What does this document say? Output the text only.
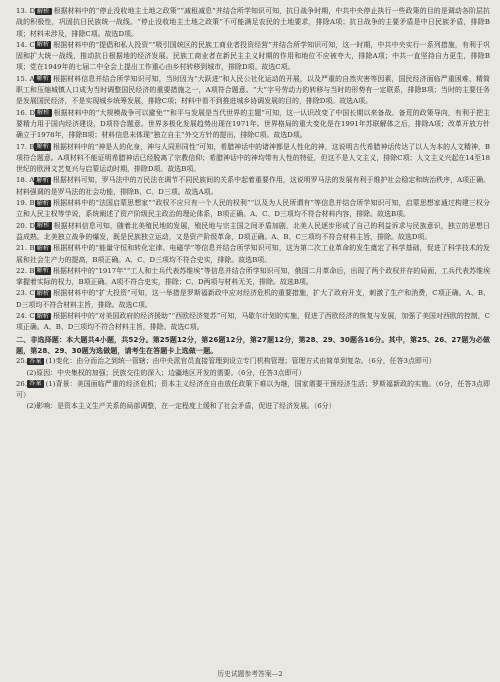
13. D 解析 根据材料中的“停止没收地主土地之政策”“减租减息”并结合所学知识可知，抗日战争时期，中共中央停止执行一些政策的目的是调动各阶层抗战的积极性，巩固抗日民族统一战线。“停止没收地主土地之政策”不可能满足农民的土地要求，排除A项；抗日战争的主要矛盾是中日民族矛盾，排除B项；材料未涉及，排除C项。故选D项。

14. C 解析 根据材料中的“提倡和私人投资”“吸引国统区的民族工商业者投资经营”并结合所学知识可知，这一时期，中共中央实行一系列措施，有利于巩固和扩大统一战线，推动抗日根据地的经济发展。民族工商业者在新民主主义时期的作用和地位不应被夸大，排除A项；中共一直坚持自力更生，排除B项；党在1949年的七届二中全会上提出工作重心由乡村转移到城市，排除D项。故选C项。

15. A 解析 根据材料信息并结合所学知识可知，当时因为“大跃进”和人民公社化运动的开展，以及严重的自然灾害等因素，国民经济面临严重困难，精简职工和压缩城镇人口成为当时调整国民经济的重要措施之一，A项符合题意。“大”字号劳动力的转移与当时的形势有一定联系，排除B项；当时的主要任务是发展国民经济，不是实现城乡统筹发展，排除C项；材料中看不到推进城乡协调发展的目的，排除D项。故选A项。

16. D 解析 根据材料中的“大规模战争可以避免”“和平与发展是当代世界的主题”可知，这一认识改变了中国长期以来备战、备荒的政策导向，有利于把主要精力用于国内经济建设，D项符合题意。世界多极化发展趋势出现在1971年。世界格局的重大变化是在1991年苏联解体之后，排除A项；改革开放方针确立于1978年，排除B项；材料信息未体现“独立自主”外交方针的提出，排除C项。故选D项。

17. B 解析 根据材料中的“神是人的化身，神与人同形同性”可知，希腊神话中的诸神都是人性化的神，这说明古代希腊神话传达了以人为本的人文精神，B项符合题意。A项材料不能证明希腊神话已经脱离了宗教信仰；希腊神话中的神均带有人性的特征，但这不是人文主义，排除C项；人文主义兴起在14至18世纪的欧洲文艺复兴与启蒙运动时期，排除D项。故选B项。

18. A 解析 根据材料可知，罗马法中的万民法在调节不同民族间的关系中起着重要作用，这说明罗马法的发展有利于维护社会稳定和统治秩序，A项正确。材料强调的是罗马法的社会功能，排除B、C、D三项。故选A项。

19. B 解析 根据材料中的“法国启蒙思想家”“政权不应只有一个人民的权利”“以及为人民所谓有”等信息并结合所学知识可知，启蒙思想家通过构建三权分立和人民主权等学说，系统阐述了资产阶级民主政治的理论体系，B项正确。A、C、D三项均不符合材料内容，排除。故选B项。

20. D 解析 根据材料信息可知，随着北美殖民地的发展，殖民地与宗主国之间矛盾加剧，北美人民逐步形成了自己的利益诉求与民族意识，独立的思想日益成熟。北美独立战争的爆发，既是民族独立运动，又是资产阶级革命，D项正确。A、B、C三项均不符合材料主旨，排除。故选D项。

21. B 解析 根据材料中的“能量守恒和转化定律、电磁学”等信息并结合所学知识可知，这为第二次工业革命的发生奠定了科学基础，促进了科学技术的发展和社会生产力的提高，B项正确。A、C、D三项均不符合史实，排除。故选B项。

22. B 解析 根据材料中的“1917年”“工人和士兵代表苏维埃”等信息并结合所学知识可知，俄国二月革命后，出现了两个政权并存的局面，工兵代表苏维埃掌握着实际的权力，B项正确。A项不符合史实，排除；C、D两项与材料无关，排除。故选B项。

23. C 解析 根据材料中的“扩大投资”可知，这一举措是罗斯福新政中应对经济危机的重要措施，扩大了政府开支，刺激了生产和消费，C项正确。A、B、D三项均不符合材料主旨，排除。故选C项。

24. C 解析 根据材料中的“对美国政府的经济援助”“西欧经济复苏”可知，马歇尔计划的实施，促进了西欧经济的恢复与发展，加强了美国对西欧的控制，C项正确。A、B、D三项均不符合材料主旨，排除。故选C项。

二、非选择题：本大题共4小题，共52分。第25题12分，第26题12分，第27题12分，第28、29、30题各16分。其中，第25、26、27题为必做题，第28、29、30题为选做题，请考生在答题卡上选做一题。

25. 答案 (1)变化：由分而治之到统一管辖；由中央派官员直接管理到设立专门机构管理；管理方式由简单到复杂。（6分，任答3点即可）

(2)原因：中央集权的加强；民族交往的深入；边疆地区开发的需要。（6分，任答3点即可）

26. 答案 (1)背景：美国面临严重的经济危机；资本主义经济在自由放任政策下难以为继，国家需要干预经济生活；罗斯福新政的实施。（6分，任答3点即可）

(2)影响：是资本主义生产关系的局部调整，在一定程度上缓和了社会矛盾，促进了经济发展。（6分）

历史试题参考答案—2
